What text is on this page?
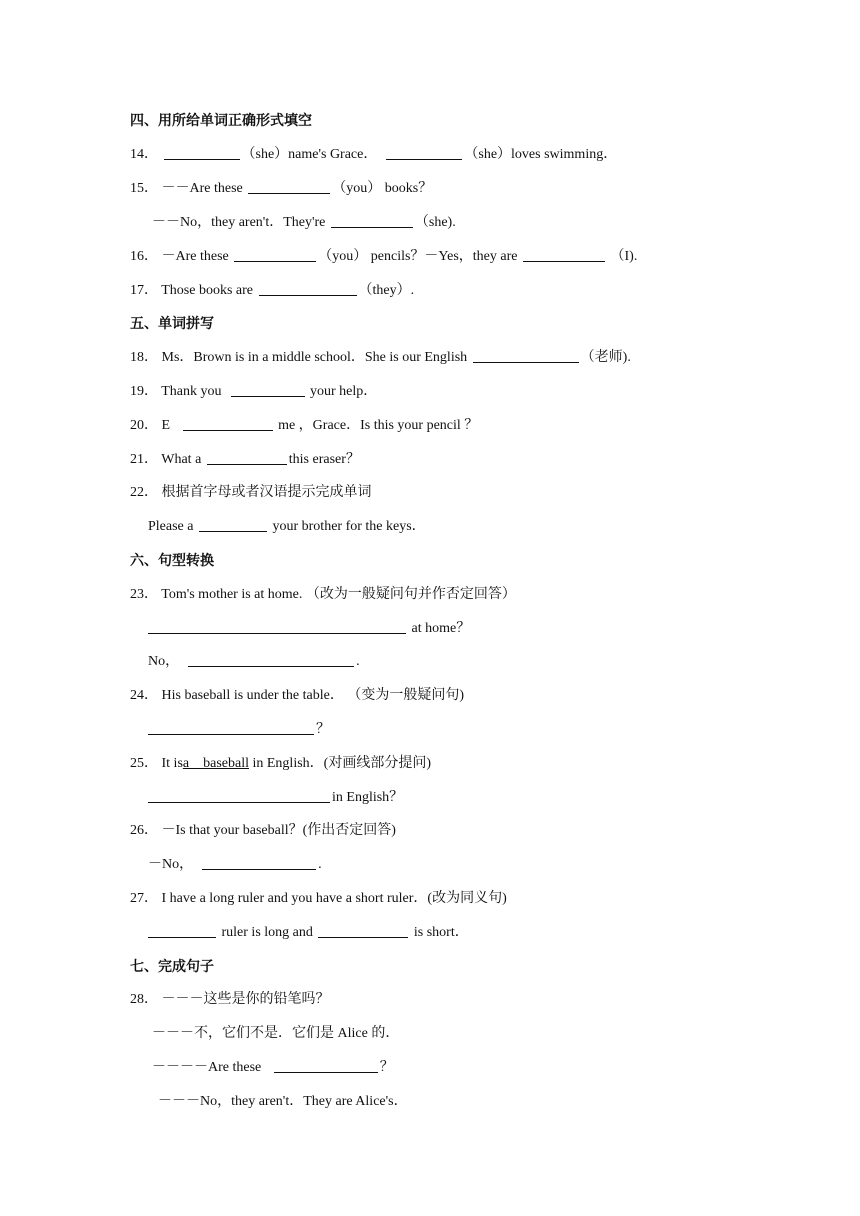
四、用所给单词正确形式填空
14．	（she）name's Grace．	（she）loves swimming．
15． －－Are these	（you） books？
－－No，they aren't．They're	（she).
16． －Are these	（you） pencils？－Yes，they are	（I).
17． Those books are	（they）.
五、单词拼写
18． Ms．Brown is in a middle school．She is our English	（老师).
19． Thank you	your help．
20． E	me ，Grace．Is this your pencil ？
21． What a	this eraser？
22． 根据首字母或者汉语提示完成单词
Please a	your brother for the keys．
六、句型转换
23． Tom's mother is at home. （改为一般疑问句并作否定回答）
at home？
No，	.
24． His baseball is under the table． （变为一般疑问句)
？
25． It isa    baseball in English．(对画线部分提问)
in English？
26． －Is that your baseball？(作出否定回答)
－No，	.
27． I have a long ruler and you have a short ruler．(改为同义句)
ruler is long and	is short．
七、完成句子
28． －－－这些是你的铅笔吗？
－－－不，它们不是．它们是 Alice 的．
－－－－Are these	？
－－－No，they aren't．They are Alice's．
